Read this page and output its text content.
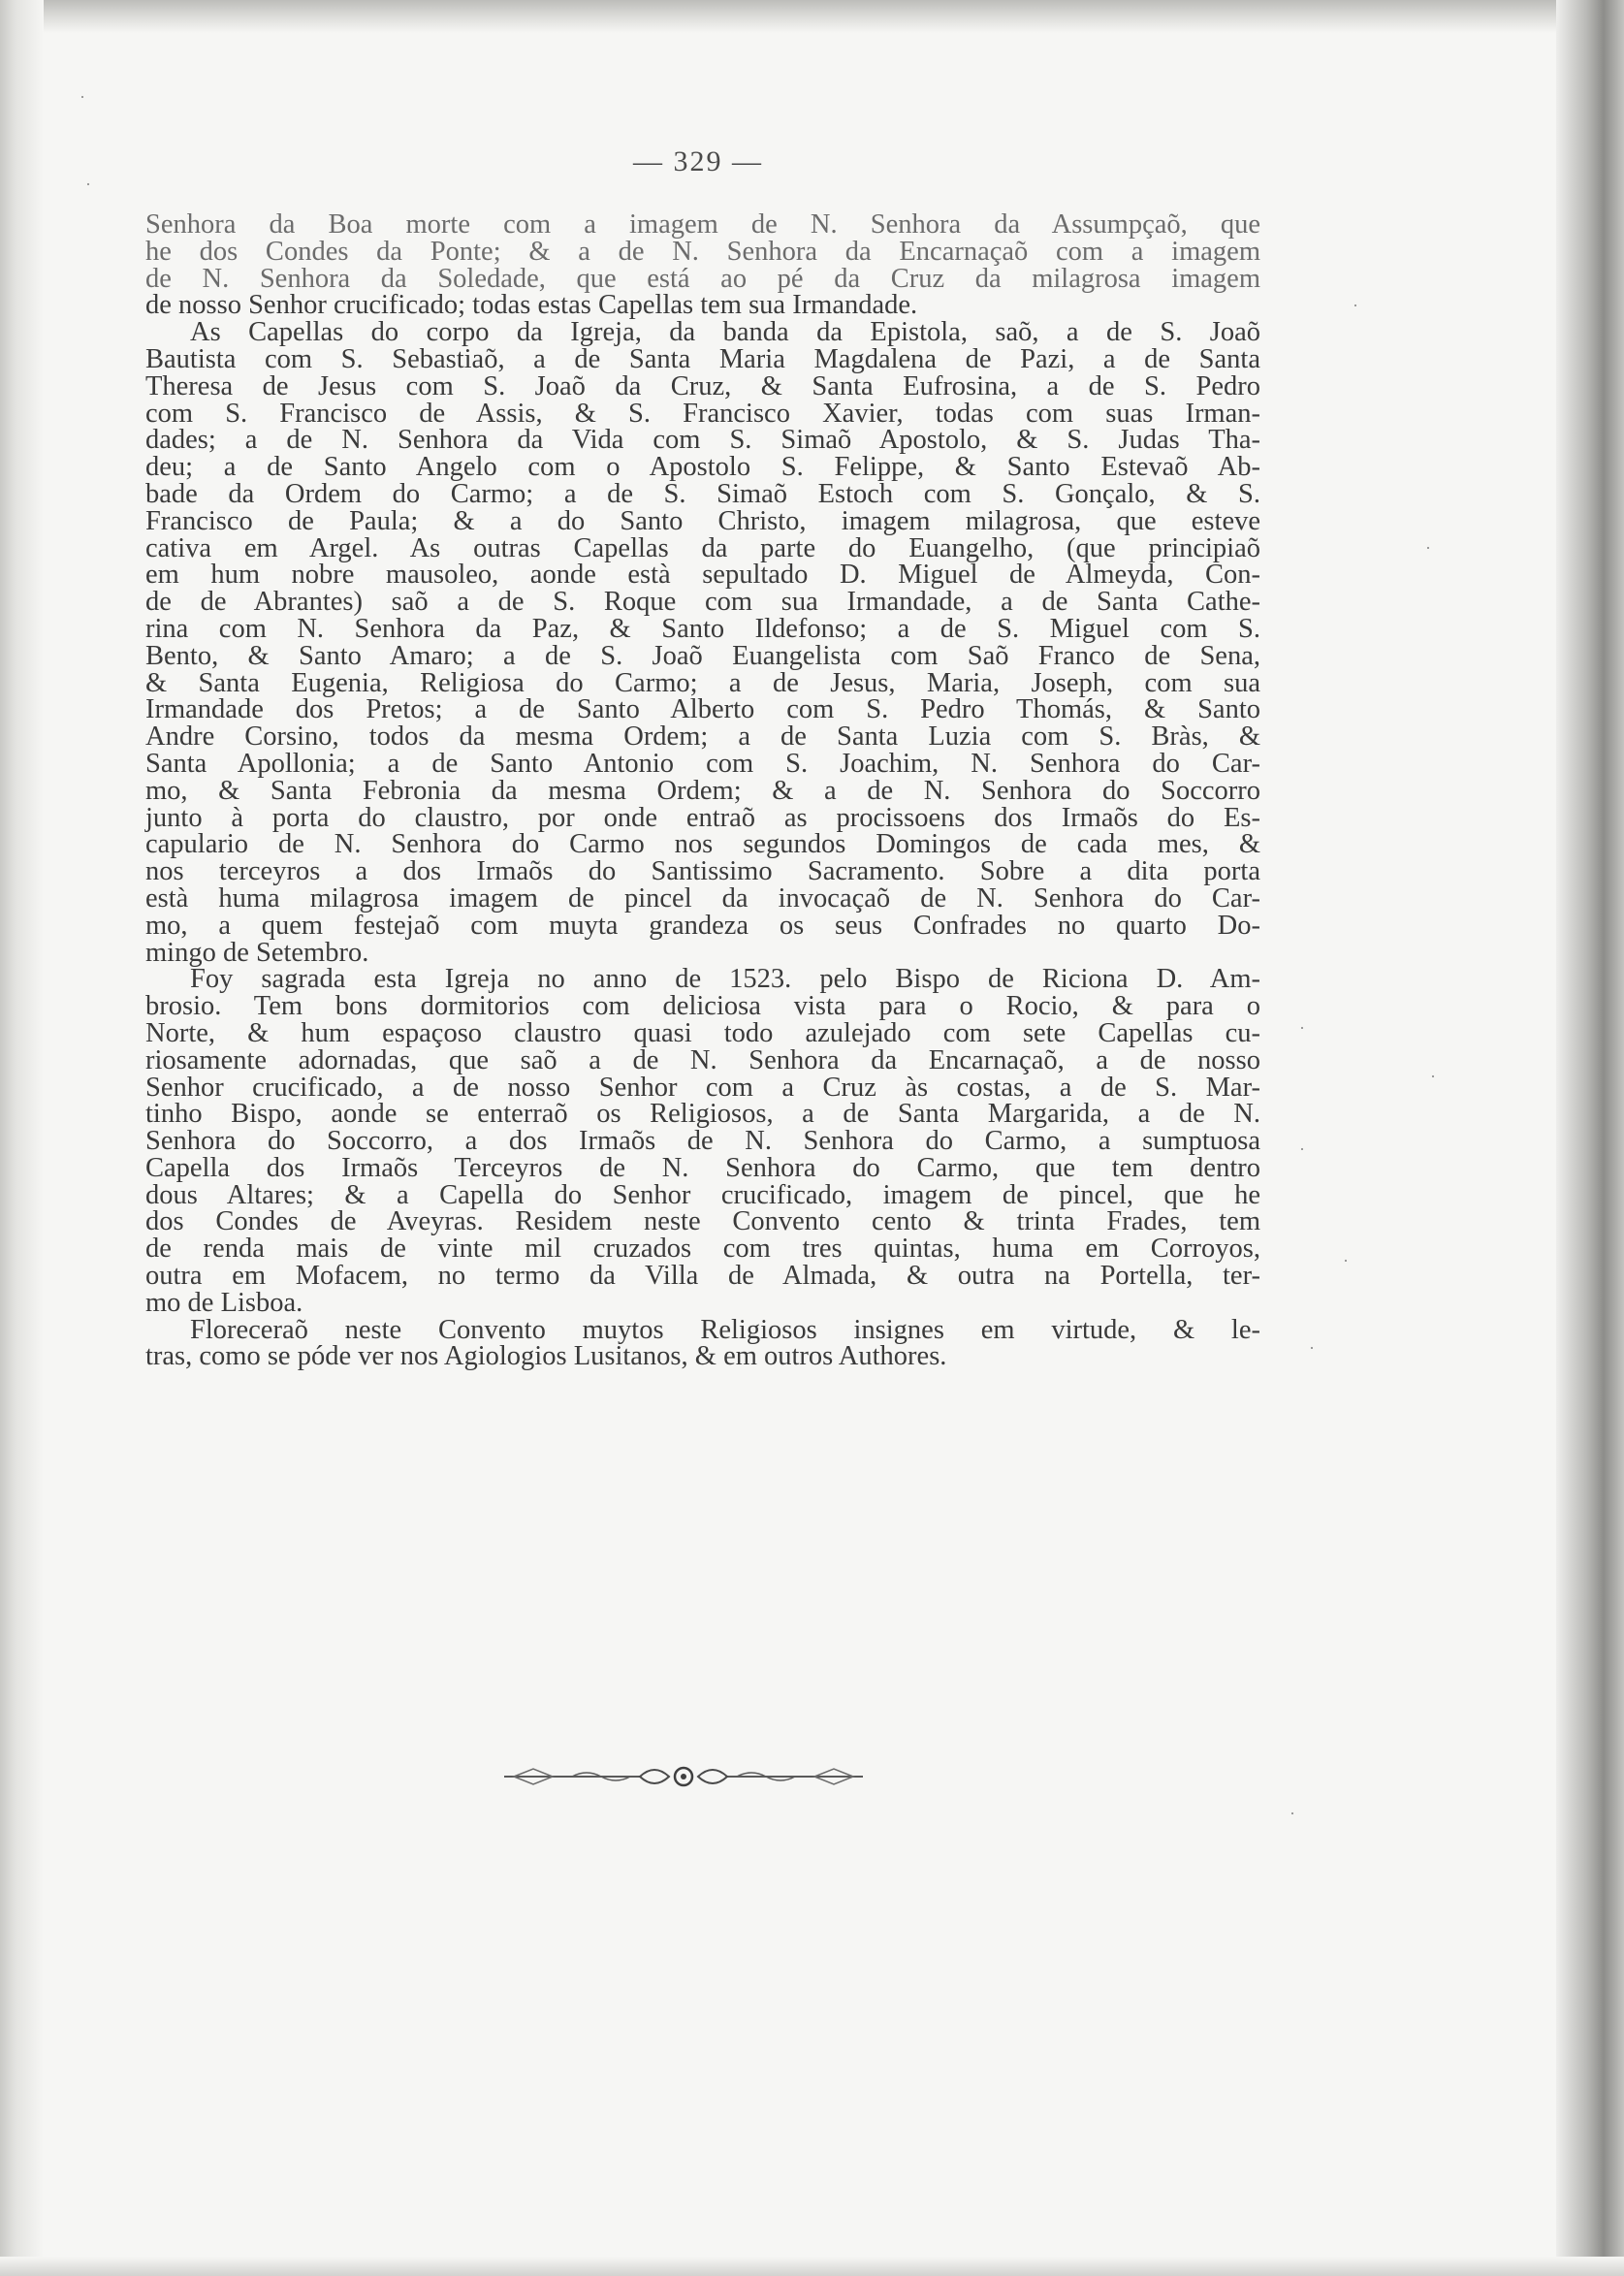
— 329 —
Senhora da Boa morte com a imagem de N. Senhora da Assumpçaõ, que
he dos Condes da Ponte; & a de N. Senhora da Encarnaçaõ com a imagem
de N. Senhora da Soledade, que está ao pé da Cruz da milagrosa imagem
de nosso Senhor crucificado; todas estas Capellas tem sua Irmandade.
As Capellas do corpo da Igreja, da banda da Epistola, saõ, a de S. Joaõ
Bautista com S. Sebastiaõ, a de Santa Maria Magdalena de Pazi, a de Santa
Theresa de Jesus com S. Joaõ da Cruz, & Santa Eufrosina, a de S. Pedro
com S. Francisco de Assis, & S. Francisco Xavier, todas com suas Irman-
dades; a de N. Senhora da Vida com S. Simaõ Apostolo, & S. Judas Tha-
deu; a de Santo Angelo com o Apostolo S. Felippe, & Santo Estevaõ Ab-
bade da Ordem do Carmo; a de S. Simaõ Estoch com S. Gonçalo, & S.
Francisco de Paula; & a do Santo Christo, imagem milagrosa, que esteve
cativa em Argel. As outras Capellas da parte do Euangelho, (que principiaõ
em hum nobre mausoleo, aonde està sepultado D. Miguel de Almeyda, Con-
de de Abrantes) saõ a de S. Roque com sua Irmandade, a de Santa Cathe-
rina com N. Senhora da Paz, & Santo Ildefonso; a de S. Miguel com S.
Bento, & Santo Amaro; a de S. Joaõ Euangelista com Saõ Franco de Sena,
& Santa Eugenia, Religiosa do Carmo; a de Jesus, Maria, Joseph, com sua
Irmandade dos Pretos; a de Santo Alberto com S. Pedro Thomás, & Santo
Andre Corsino, todos da mesma Ordem; a de Santa Luzia com S. Bràs, &
Santa Apollonia; a de Santo Antonio com S. Joachim, N. Senhora do Car-
mo, & Santa Febronia da mesma Ordem; & a de N. Senhora do Soccorro
junto à porta do claustro, por onde entraõ as procissoens dos Irmaõs do Es-
capulario de N. Senhora do Carmo nos segundos Domingos de cada mes, &
nos terceyros a dos Irmaõs do Santissimo Sacramento. Sobre a dita porta
està huma milagrosa imagem de pincel da invocaçaõ de N. Senhora do Car-
mo, a quem festejaõ com muyta grandeza os seus Confrades no quarto Do-
mingo de Setembro.
Foy sagrada esta Igreja no anno de 1523. pelo Bispo de Riciona D. Am-
brosio. Tem bons dormitorios com deliciosa vista para o Rocio, & para o
Norte, & hum espaçoso claustro quasi todo azulejado com sete Capellas cu-
riosamente adornadas, que saõ a de N. Senhora da Encarnaçaõ, a de nosso
Senhor crucificado, a de nosso Senhor com a Cruz às costas, a de S. Mar-
tinho Bispo, aonde se enterraõ os Religiosos, a de Santa Margarida, a de N.
Senhora do Soccorro, a dos Irmaõs de N. Senhora do Carmo, a sumptuosa
Capella dos Irmaõs Terceyros de N. Senhora do Carmo, que tem dentro
dous Altares; & a Capella do Senhor crucificado, imagem de pincel, que he
dos Condes de Aveyras. Residem neste Convento cento & trinta Frades, tem
de renda mais de vinte mil cruzados com tres quintas, huma em Corroyos,
outra em Mofacem, no termo da Villa de Almada, & outra na Portella, ter-
mo de Lisboa.
Floreceraõ neste Convento muytos Religiosos insignes em virtude, & le-
tras, como se póde ver nos Agiologios Lusitanos, & em outros Authores.
·
·
·
·
·
·
·
·
·
·
